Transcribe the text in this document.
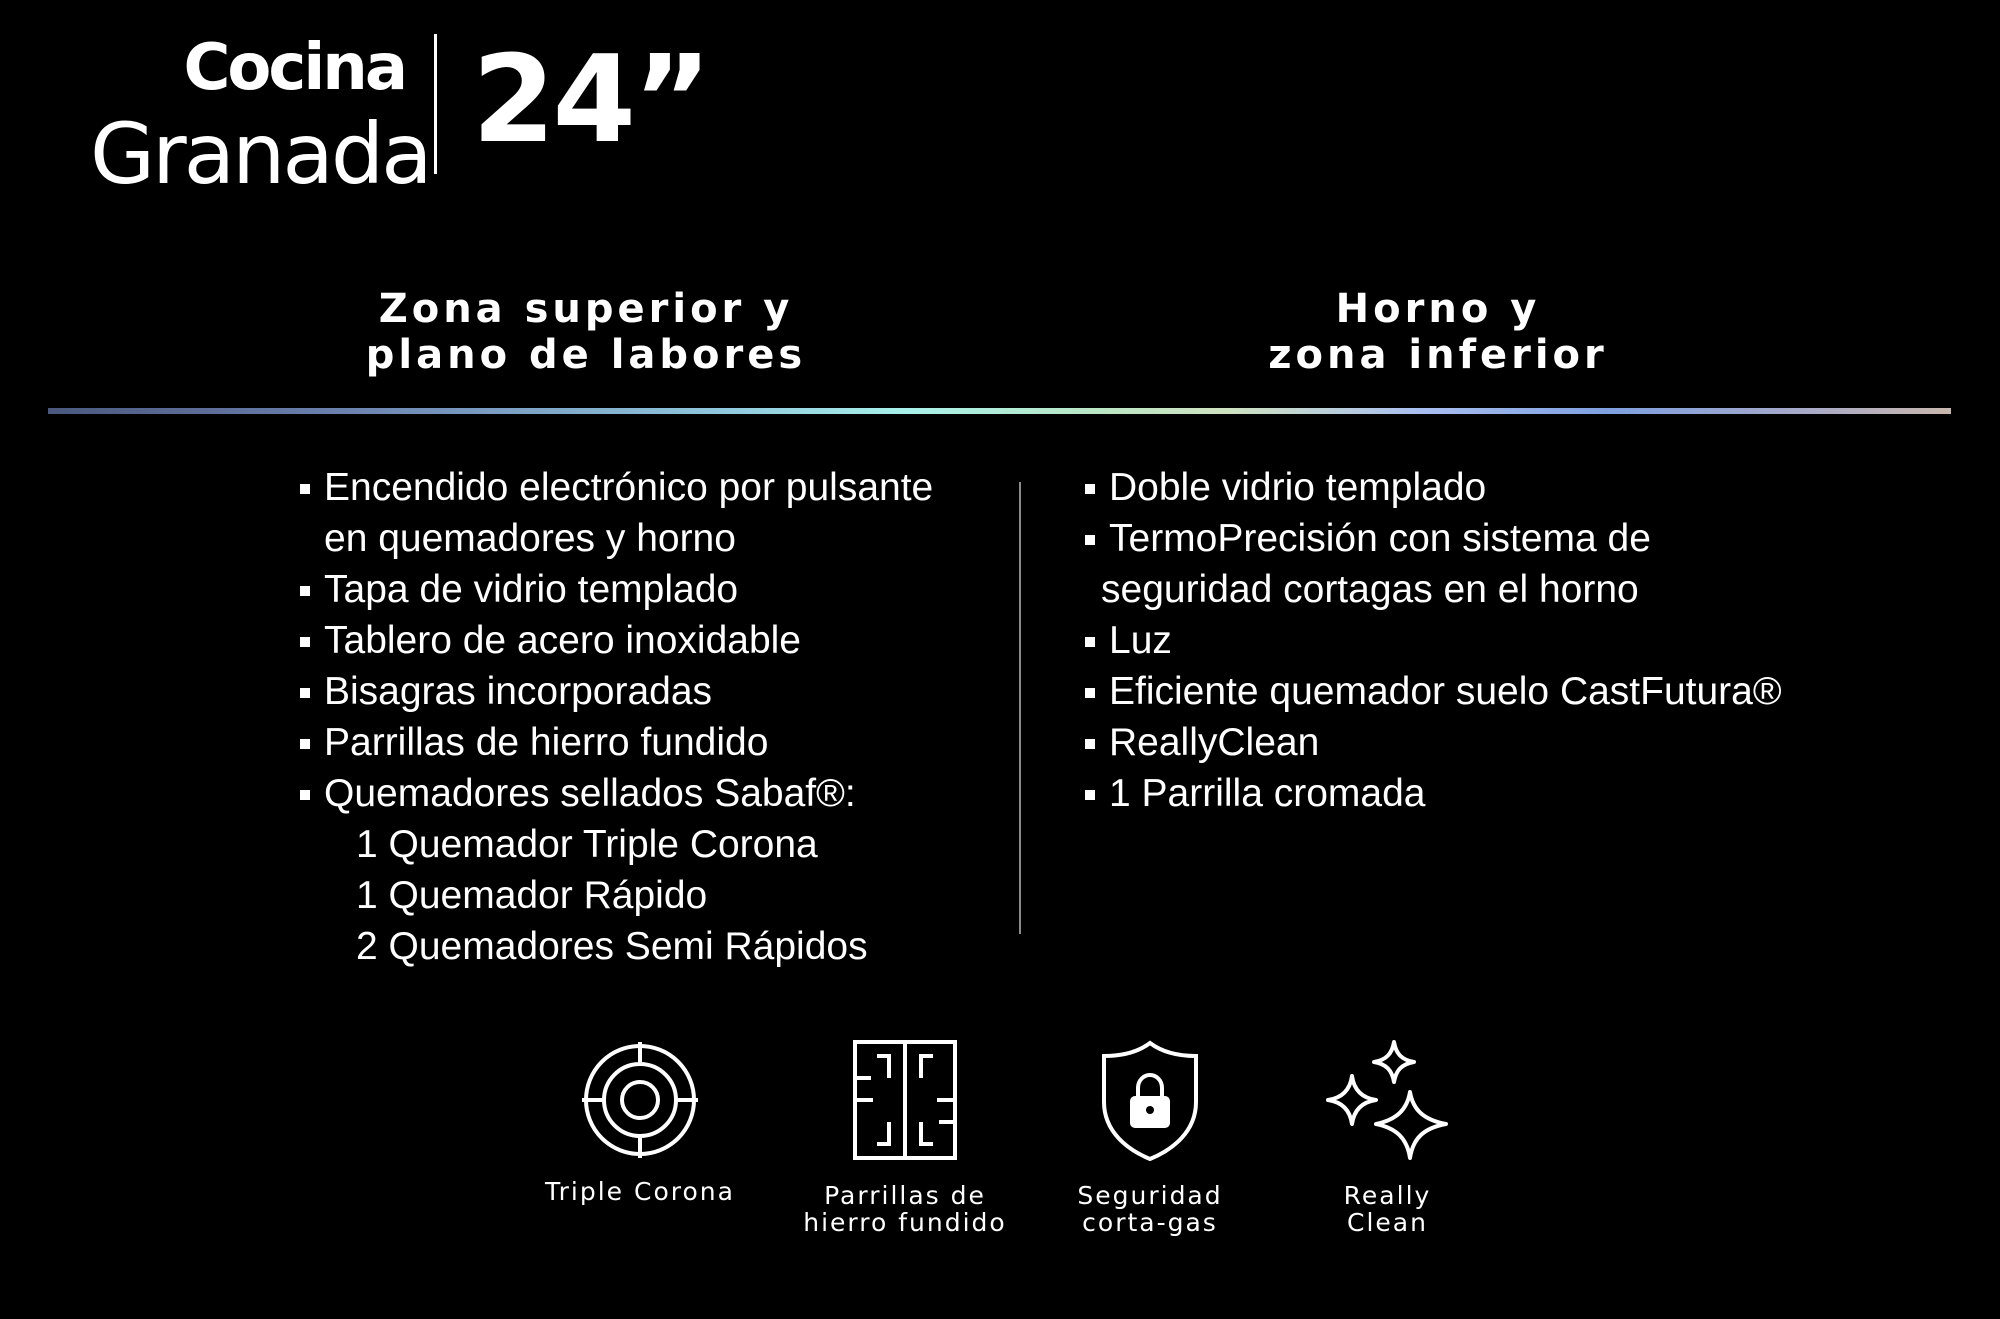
Cocina
Granada 24”
Zona superior y
plano de labores
Horno y
zona inferior
Encendido electrónico por pulsante
en quemadores y horno
Tapa de vidrio templado
Tablero de acero inoxidable
Bisagras incorporadas
Parrillas de hierro fundido
Quemadores sellados Sabaf®:
1 Quemador Triple Corona
1 Quemador Rápido
2 Quemadores Semi Rápidos
Doble vidrio templado
TermoPrecisión con sistema de
seguridad cortagas en el horno
Luz
Eficiente quemador suelo CastFutura®
ReallyClean
1 Parrilla cromada
Triple Corona	Parrillas de
hierro fundido
Seguridad
corta-gas
Really
Clean
